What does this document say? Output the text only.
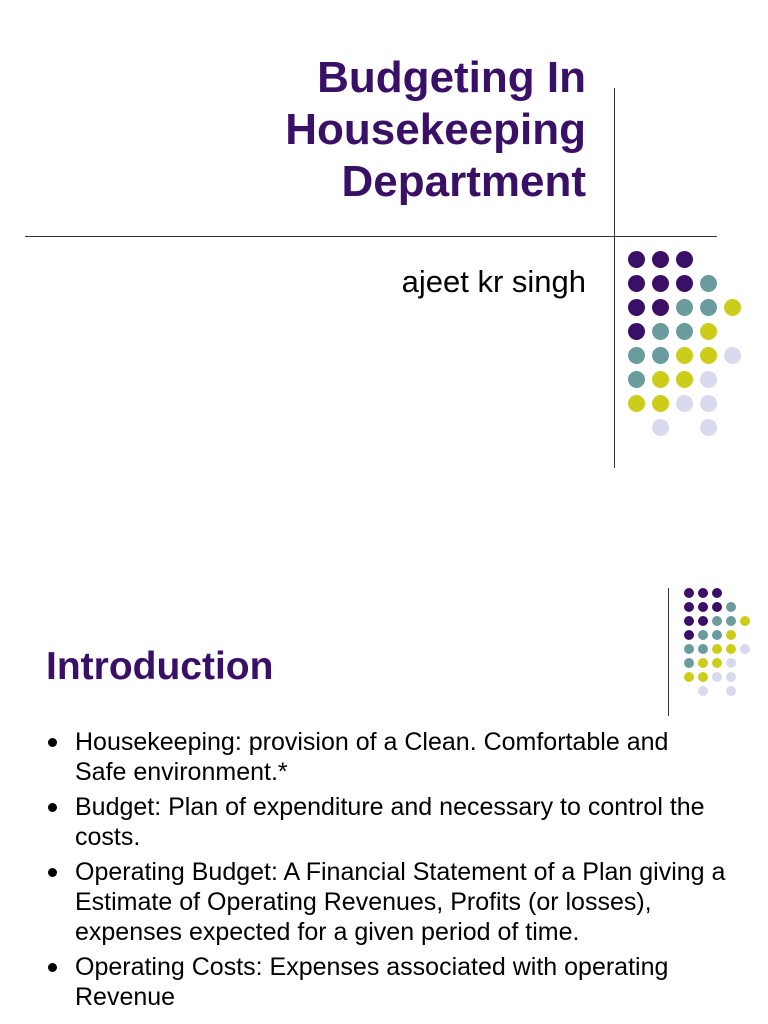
Budgeting In
Housekeeping
Department
ajeet kr singh
Introduction
Housekeeping: provision of a Clean. Comfortable and Safe environment.*
Budget: Plan of expenditure and necessary to control the costs.
Operating Budget: A Financial Statement of a Plan giving a Estimate of Operating Revenues, Profits (or losses), expenses expected for a given period of time.
Operating Costs: Expenses associated with operating Revenue
